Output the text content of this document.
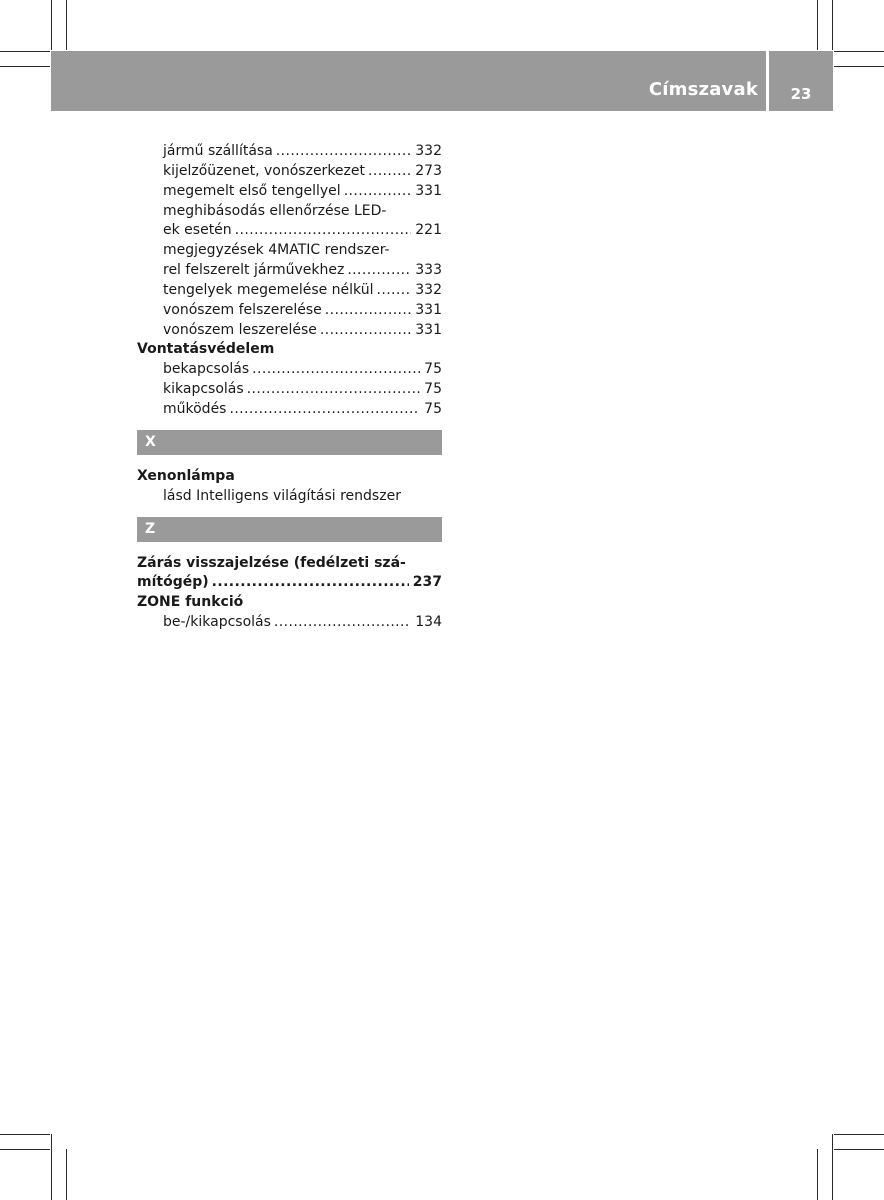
Címszavak	23
jármű szállítása .....	332
kijelzőüzenet, vonószerkezet .....	273
megemelt első tengellyel .....	331
meghibásodás ellenőrzése LED-
ek esetén .....	221
megjegyzések 4MATIC rendszer-
rel felszerelt járművekhez .....	333
tengelyek megemelése nélkül .....	332
vonószem felszerelése .....	331
vonószem leszerelése .....	331
Vontatásvédelem
bekapcsolás .....	75
kikapcsolás .....	75
működés .....	75
X
Xenonlámpa
lásd Intelligens világítási rendszer
Z
Zárás visszajelzése (fedélzeti szá-
mítógép) .....	237
ZONE funkció
be-/kikapcsolás .....	134
